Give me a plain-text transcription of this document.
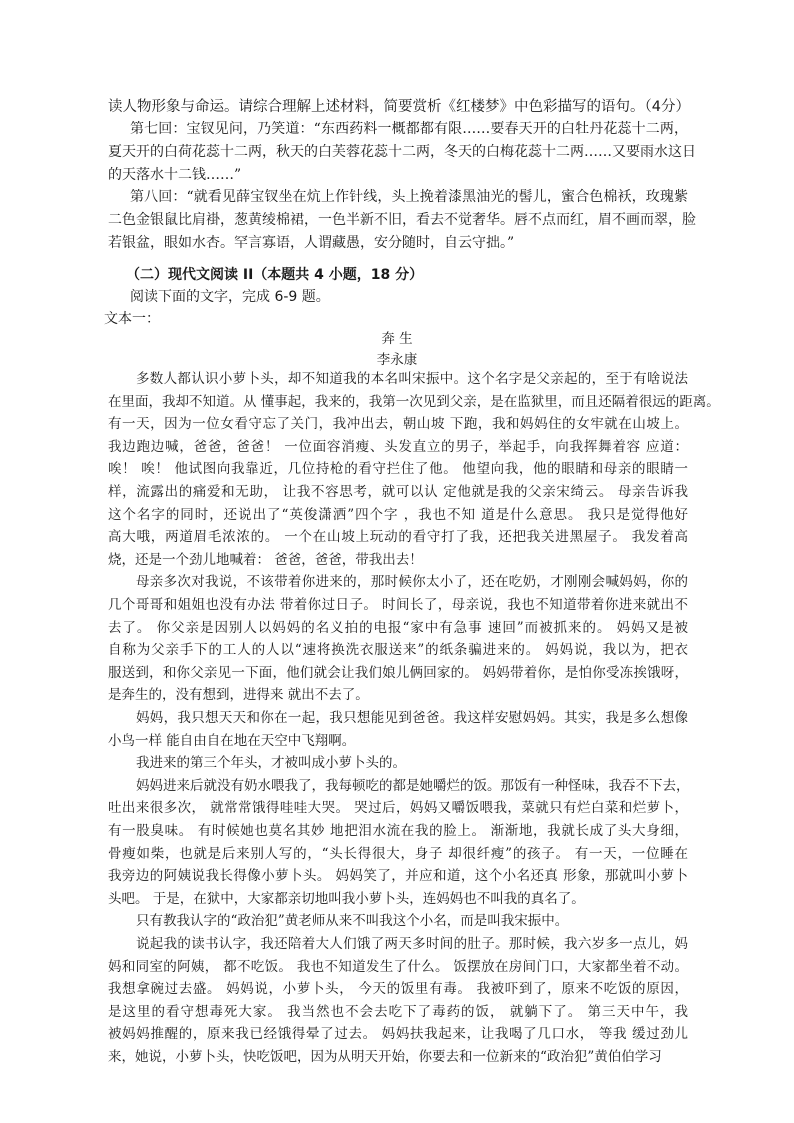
读人物形象与命运。请综合理解上述材料，简要赏析《红楼梦》中色彩描写的语句。（4分）
第七回：宝钗见问，乃笑道：“东西药料一概都都有限……要春天开的白牡丹花蕊十二两，
夏天开的白荷花蕊十二两，秋天的白芙蓉花蕊十二两，冬天的白梅花蕊十二两……又要雨水这日
的天落水十二钱……”
第八回：“就看见薛宝钗坐在炕上作针线，头上挽着漆黑油光的髻儿，蜜合色棉袄，玫瑰紫
二色金银鼠比肩褂，葱黄绫棉裙，一色半新不旧，看去不觉奢华。唇不点而红，眉不画而翠，脸
若银盆，眼如水杏。罕言寡语，人谓藏愚，安分随时，自云守拙。”
（二）现代文阅读 II（本题共 4 小题，18 分）
阅读下面的文字，完成 6-9 题。
文本一：
奔 生
李永康
多数人都认识小萝卜头，却不知道我的本名叫宋振中。这个名字是父亲起的，至于有啥说法
在里面，我却不知道。从 懂事起，我来的，我第一次见到父亲，是在监狱里，而且还隔着很远的距离。
有一天，因为一位女看守忘了关门，我冲出去，朝山坡 下跑，我和妈妈住的女牢就在山坡上。
我边跑边喊，爸爸，爸爸！ 一位面容消瘦、头发直立的男子，举起手，向我挥舞着容 应道：
唉！ 唉！ 他试图向我靠近，几位持枪的看守拦住了他。 他望向我，他的眼睛和母亲的眼睛一
样，流露出的痛爱和无助， 让我不容思考，就可以认 定他就是我的父亲宋绮云。 母亲告诉我
这个名字的同时，还说出了“英俊潇洒”四个字 ，我也不知 道是什么意思。 我只是觉得他好
高大哦，两道眉毛浓浓的。 一个在山坡上玩动的看守打了我，还把我关进黑屋子。 我发着高
烧，还是一个劲儿地喊着： 爸爸，爸爸，带我出去！
母亲多次对我说，不该带着你进来的，那时候你太小了，还在吃奶，才刚刚会喊妈妈，你的
几个哥哥和姐姐也没有办法 带着你过日子。 时间长了，母亲说，我也不知道带着你进来就出不
去了。 你父亲是因别人以妈妈的名义拍的电报“家中有急事 速回”而被抓来的。 妈妈又是被
自称为父亲手下的工人的人以“速将换洗衣服送来”的纸条骗进来的。 妈妈说，我以为，把衣
服送到，和你父亲见一下面，他们就会让我们娘儿俩回家的。 妈妈带着你，是怕你受冻挨饿呀，
是奔生的，没有想到，进得来 就出不去了。
妈妈，我只想天天和你在一起，我只想能见到爸爸。我这样安慰妈妈。其实，我是多么想像
小鸟一样 能自由自在地在天空中飞翔啊。
我进来的第三个年头，才被叫成小萝卜头的。
妈妈进来后就没有奶水喂我了，我每顿吃的都是她嚼烂的饭。那饭有一种怪味，我吞不下去，
吐出来很多次， 就常常饿得哇哇大哭。 哭过后，妈妈又嚼饭喂我，菜就只有烂白菜和烂萝卜，
有一股臭味。 有时候她也莫名其妙 地把泪水流在我的脸上。 渐渐地，我就长成了头大身细，
骨瘦如柴，也就是后来别人写的，“头长得很大，身子 却很纤瘦”的孩子。 有一天，一位睡在
我旁边的阿姨说我长得像小萝卜头。 妈妈笑了，并应和道，这个小名还真 形象，那就叫小萝卜
头吧。 于是，在狱中，大家都亲切地叫我小萝卜头，连妈妈也不叫我的真名了。
只有教我认字的“政治犯”黄老师从来不叫我这个小名，而是叫我宋振中。
说起我的读书认字，我还陪着大人们饿了两天多时间的肚子。那时候，我六岁多一点儿，妈
妈和同室的阿姨， 都不吃饭。 我也不知道发生了什么。 饭摆放在房间门口，大家都坐着不动。
我想拿碗过去盛。 妈妈说，小萝卜头， 今天的饭里有毒。 我被吓到了，原来不吃饭的原因，
是这里的看守想毒死大家。 我当然也不会去吃下了毒药的饭， 就躺下了。 第三天中午，我
被妈妈推醒的，原来我已经饿得晕了过去。 妈妈扶我起来，让我喝了几口水， 等我 缓过劲儿
来，她说，小萝卜头，快吃饭吧，因为从明天开始，你要去和一位新来的“政治犯”黄伯伯学习
